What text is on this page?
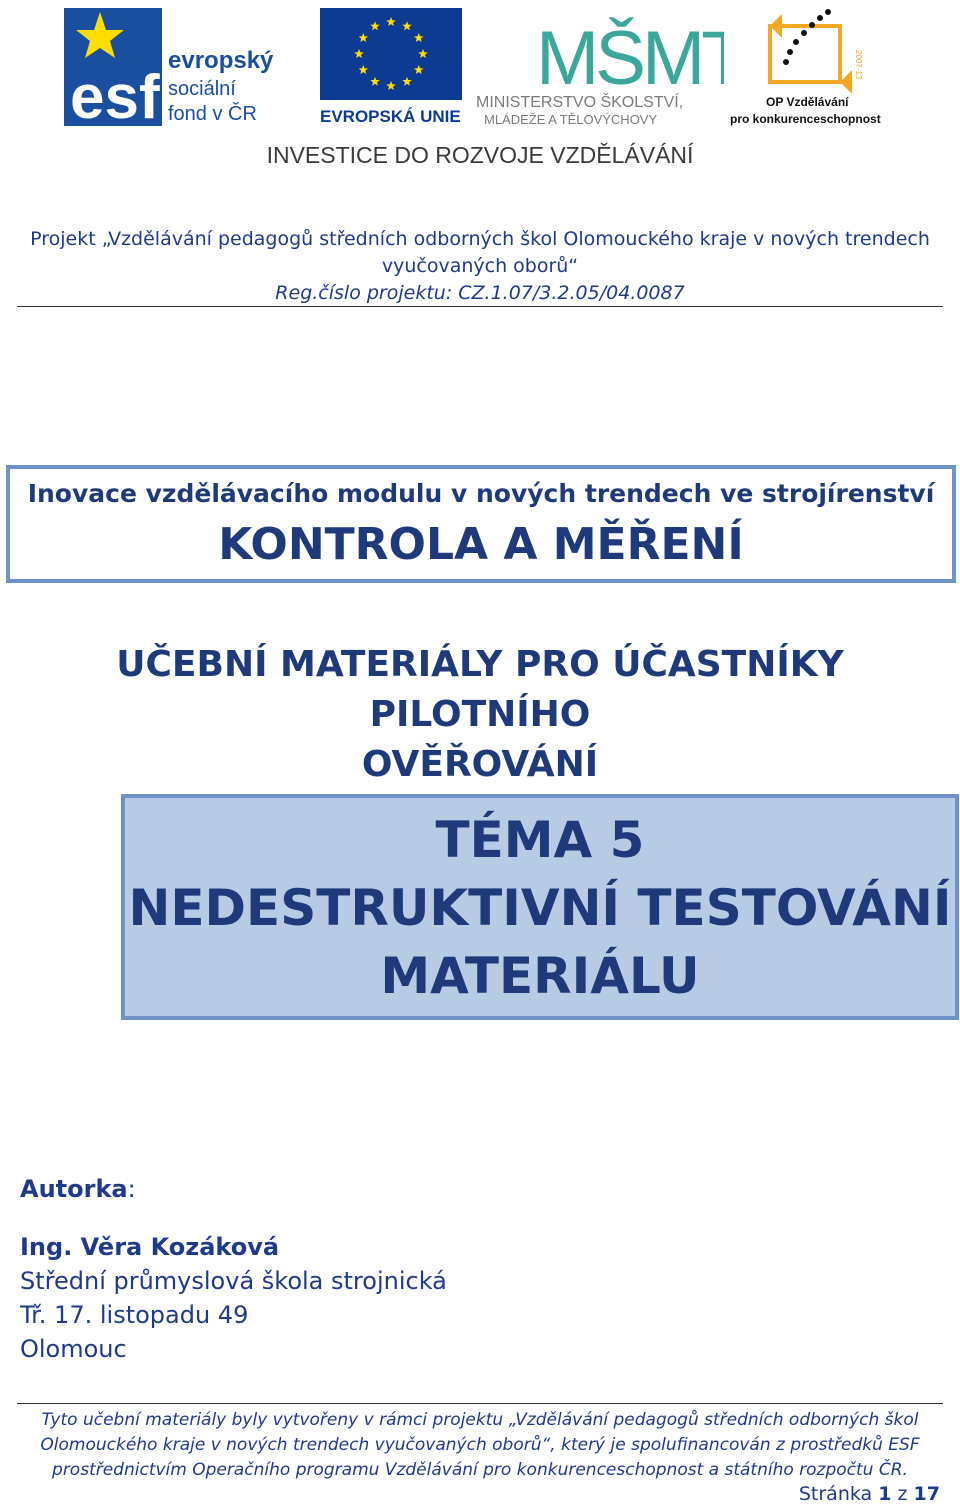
esf
evropský
sociální
fond v ČR	EVROPSKÁ UNIE
MŠMT
MINISTERSTVO ŠKOLSTVÍ,
MLÁDEŽE A TĚLOVÝCHOVY
2007-13
OP Vzdělávání
pro konkurenceschopnost
INVESTICE DO ROZVOJE VZDĚLÁVÁNÍ
Projekt „Vzdělávání pedagogů středních odborných škol Olomouckého kraje v nových trendech
vyučovaných oborů“
Reg.číslo projektu: CZ.1.07/3.2.05/04.0087
Inovace vzdělávacího modulu v nových trendech ve strojírenství
KONTROLA A MĚŘENÍ
UČEBNÍ MATERIÁLY PRO ÚČASTNÍKY PILOTNÍHO
OVĚŘOVÁNÍ
TÉMA 5
NEDESTRUKTIVNÍ TESTOVÁNÍ
MATERIÁLU
Autorka:
Ing. Věra Kozáková
Střední průmyslová škola strojnická
Tř. 17. listopadu 49
Olomouc
Tyto učební materiály byly vytvořeny v rámci projektu „Vzdělávání pedagogů středních odborných škol
Olomouckého kraje v nových trendech vyučovaných oborů“, který je spolufinancován z prostředků ESF
prostřednictvím Operačního programu Vzdělávání pro konkurenceschopnost a státního rozpočtu ČR.
Stránka 1 z 17
